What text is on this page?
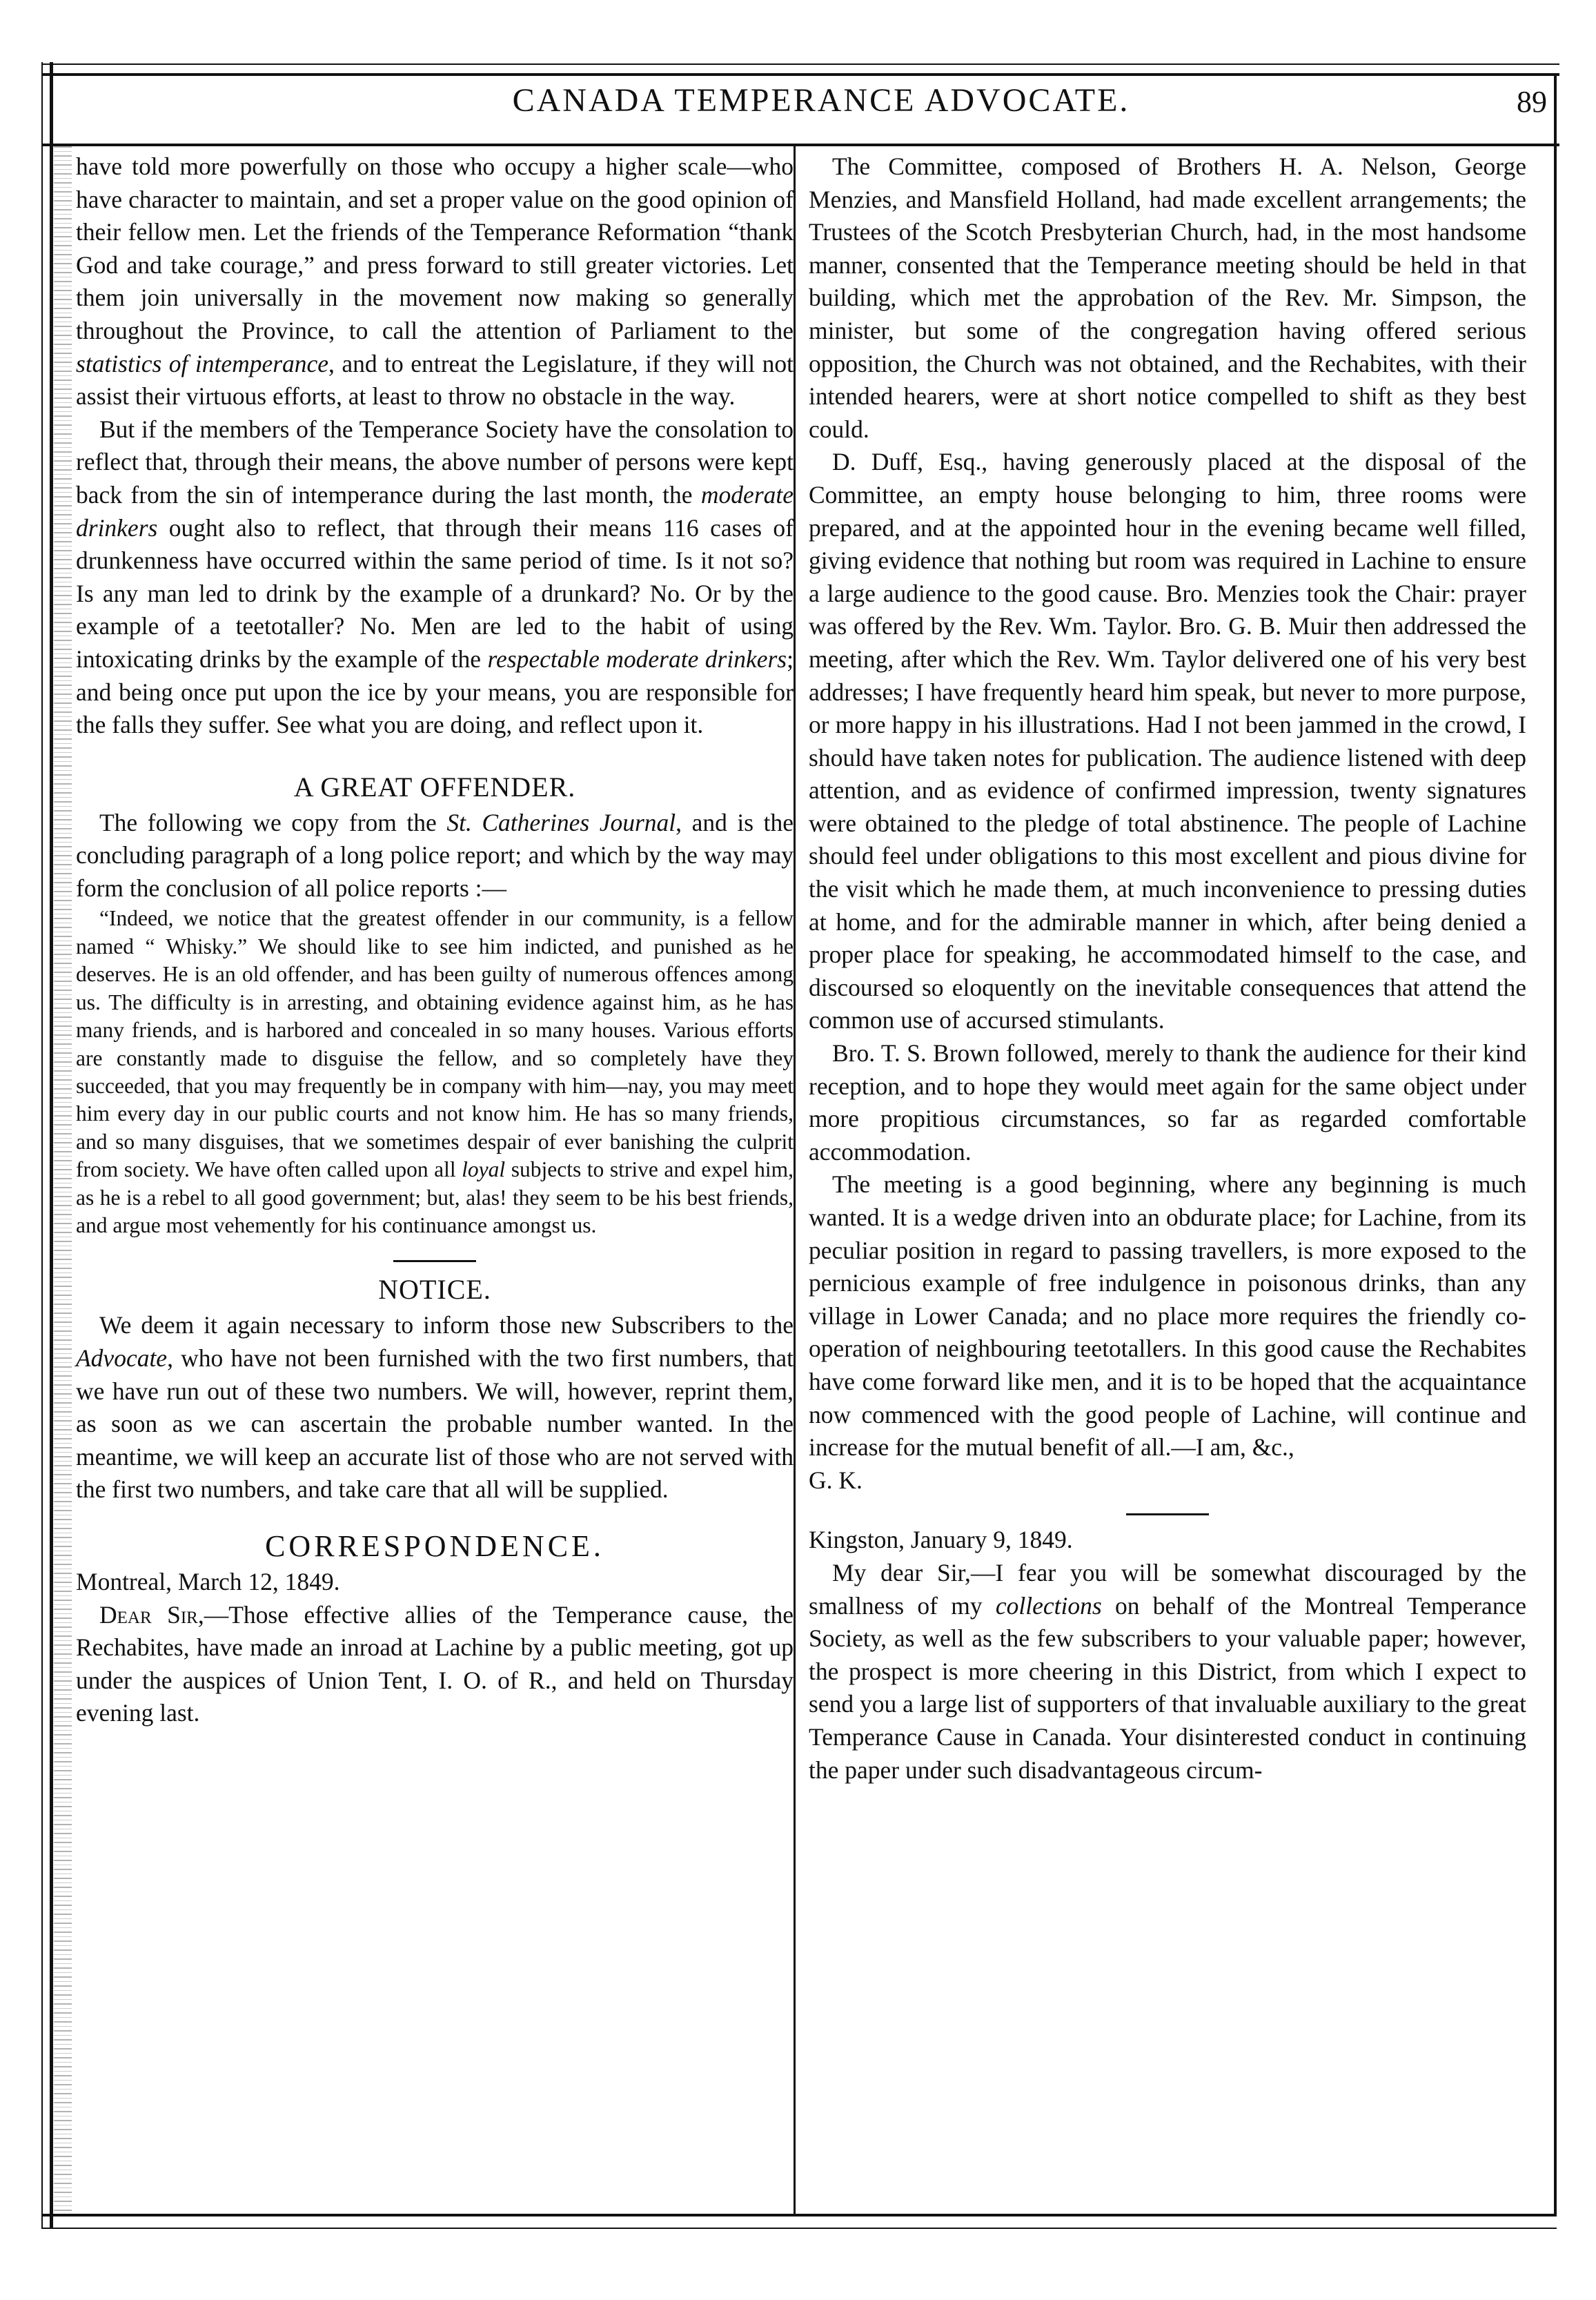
CANADA TEMPERANCE ADVOCATE.	89

have told more powerfully on those who occupy a higher scale—who have character to maintain, and set a proper value on the good opinion of their fellow men. Let the friends of the Temperance Reformation “thank God and take courage,” and press forward to still greater victories. Let them join universally in the movement now making so generally throughout the Province, to call the attention of Parliament to the statistics of intemperance, and to entreat the Legislature, if they will not assist their virtuous efforts, at least to throw no obstacle in the way.

But if the members of the Temperance Society have the consolation to reflect that, through their means, the above number of persons were kept back from the sin of intemperance during the last month, the moderate drinkers ought also to reflect, that through their means 116 cases of drunkenness have occurred within the same period of time. Is it not so? Is any man led to drink by the example of a drunkard? No. Or by the example of a teetotaller? No. Men are led to the habit of using intoxicating drinks by the example of the respectable moderate drinkers; and being once put upon the ice by your means, you are responsible for the falls they suffer. See what you are doing, and reflect upon it.

A GREAT OFFENDER.

The following we copy from the St. Catherines Journal, and is the concluding paragraph of a long police report; and which by the way may form the conclusion of all police reports :—

“Indeed, we notice that the greatest offender in our community, is a fellow named “ Whisky.” We should like to see him indicted, and punished as he deserves. He is an old offender, and has been guilty of numerous offences among us. The difficulty is in arresting, and obtaining evidence against him, as he has many friends, and is harbored and concealed in so many houses. Various efforts are constantly made to disguise the fellow, and so completely have they succeeded, that you may frequently be in company with him—nay, you may meet him every day in our public courts and not know him. He has so many friends, and so many disguises, that we sometimes despair of ever banishing the culprit from society. We have often called upon all loyal subjects to strive and expel him, as he is a rebel to all good government; but, alas! they seem to be his best friends, and argue most vehemently for his continuance amongst us.

NOTICE.

We deem it again necessary to inform those new Subscribers to the Advocate, who have not been furnished with the two first numbers, that we have run out of these two numbers. We will, however, reprint them, as soon as we can ascertain the probable number wanted. In the meantime, we will keep an accurate list of those who are not served with the first two numbers, and take care that all will be supplied.

CORRESPONDENCE.

Montreal, March 12, 1849.

Dear Sir,—Those effective allies of the Temperance cause, the Rechabites, have made an inroad at Lachine by a public meeting, got up under the auspices of Union Tent, I. O. of R., and held on Thursday evening last.

The Committee, composed of Brothers H. A. Nelson, George Menzies, and Mansfield Holland, had made excellent arrangements; the Trustees of the Scotch Presbyterian Church, had, in the most handsome manner, consented that the Temperance meeting should be held in that building, which met the approbation of the Rev. Mr. Simpson, the minister, but some of the congregation having offered serious opposition, the Church was not obtained, and the Rechabites, with their intended hearers, were at short notice compelled to shift as they best could.

D. Duff, Esq., having generously placed at the disposal of the Committee, an empty house belonging to him, three rooms were prepared, and at the appointed hour in the evening became well filled, giving evidence that nothing but room was required in Lachine to ensure a large audience to the good cause. Bro. Menzies took the Chair: prayer was offered by the Rev. Wm. Taylor. Bro. G. B. Muir then addressed the meeting, after which the Rev. Wm. Taylor delivered one of his very best addresses; I have frequently heard him speak, but never to more purpose, or more happy in his illustrations. Had I not been jammed in the crowd, I should have taken notes for publication. The audience listened with deep attention, and as evidence of confirmed impression, twenty signatures were obtained to the pledge of total abstinence. The people of Lachine should feel under obligations to this most excellent and pious divine for the visit which he made them, at much inconvenience to pressing duties at home, and for the admirable manner in which, after being denied a proper place for speaking, he accommodated himself to the case, and discoursed so eloquently on the inevitable consequences that attend the common use of accursed stimulants.

Bro. T. S. Brown followed, merely to thank the audience for their kind reception, and to hope they would meet again for the same object under more propitious circumstances, so far as regarded comfortable accommodation.

The meeting is a good beginning, where any beginning is much wanted. It is a wedge driven into an obdurate place; for Lachine, from its peculiar position in regard to passing travellers, is more exposed to the pernicious example of free indulgence in poisonous drinks, than any village in Lower Canada; and no place more requires the friendly co-operation of neighbouring teetotallers. In this good cause the Rechabites have come forward like men, and it is to be hoped that the acquaintance now commenced with the good people of Lachine, will continue and increase for the mutual benefit of all.—I am, &c.,

G. K.

Kingston, January 9, 1849.

My dear Sir,—I fear you will be somewhat discouraged by the smallness of my collections on behalf of the Montreal Temperance Society, as well as the few subscribers to your valuable paper; however, the prospect is more cheering in this District, from which I expect to send you a large list of supporters of that invaluable auxiliary to the great Temperance Cause in Canada. Your disinterested conduct in continuing the paper under such disadvantageous circum-
